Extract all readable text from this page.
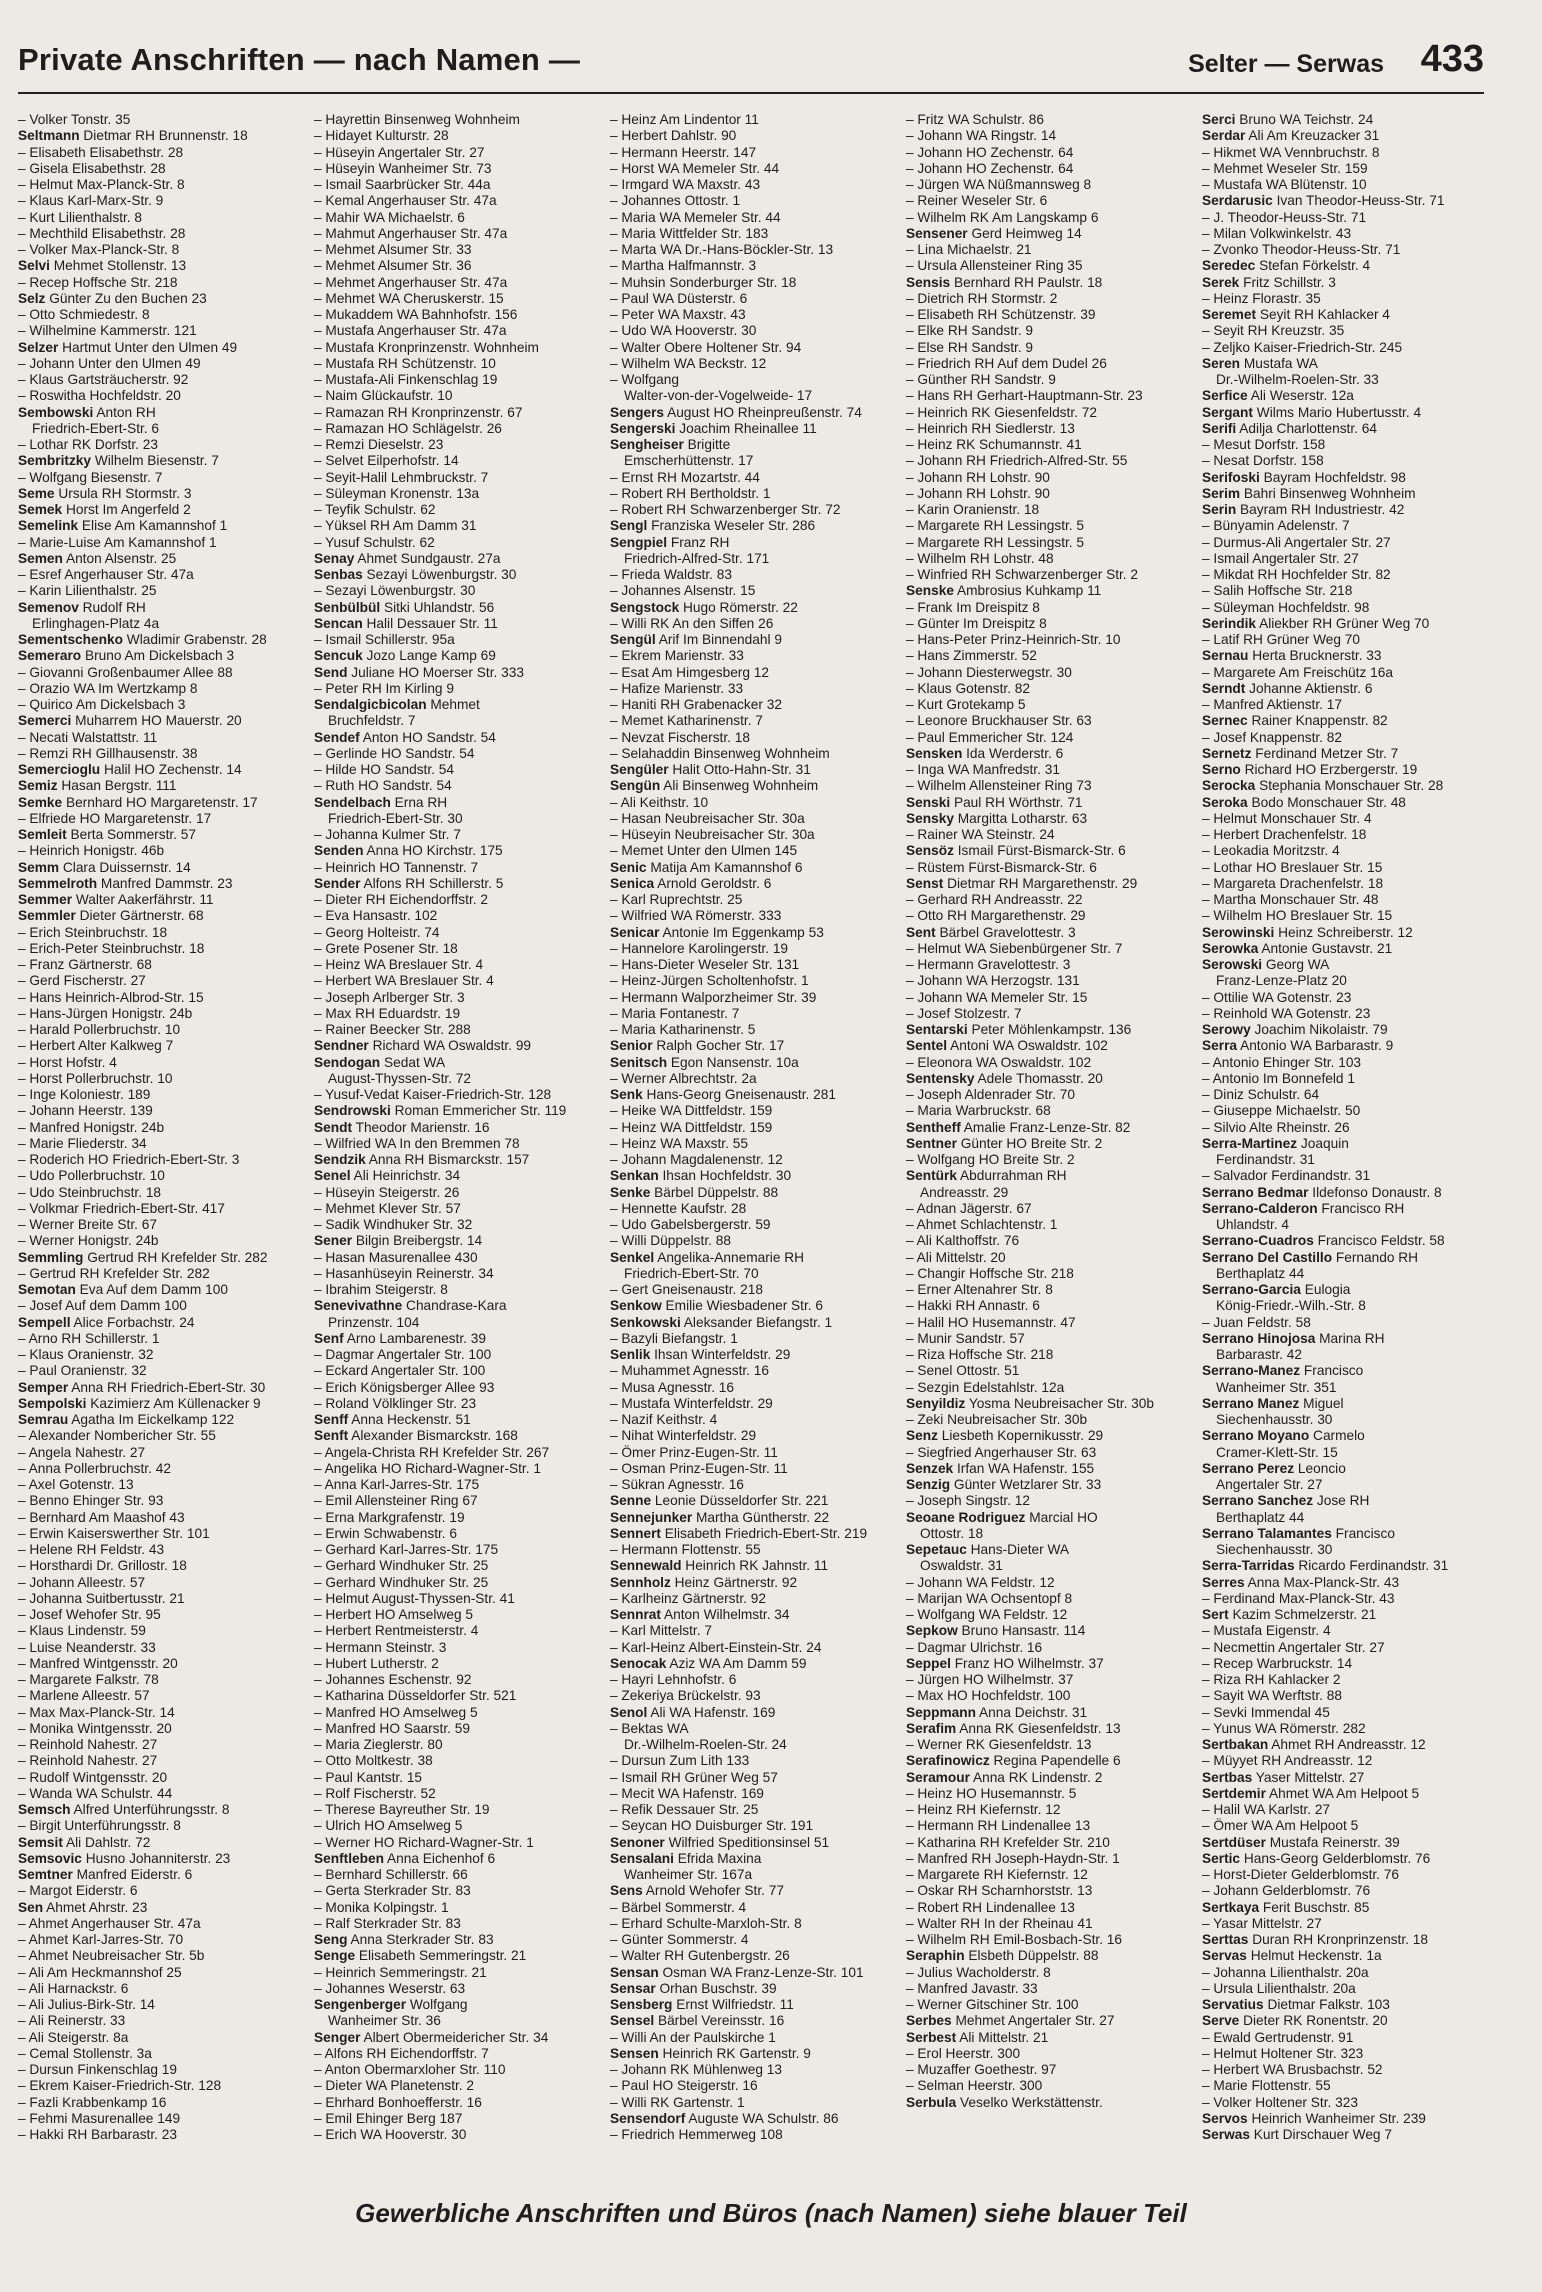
Private Anschriften — nach Namen —	Selter — Serwas 433
– Volker Tonstr. 35
Seltmann Dietmar RH Brunnenstr. 18
– Elisabeth Elisabethstr. 28
– Gisela Elisabethstr. 28
– Helmut Max-Planck-Str. 8
– Klaus Karl-Marx-Str. 9
– Kurt Lilienthalstr. 8
– Mechthild Elisabethstr. 28
– Volker Max-Planck-Str. 8
Selvi Mehmet Stollenstr. 13
– Recep Hoffsche Str. 218
Selz Günter Zu den Buchen 23
– Otto Schmiedestr. 8
– Wilhelmine Kammerstr. 121
Selzer Hartmut Unter den Ulmen 49
– Johann Unter den Ulmen 49
– Klaus Gartsträucherstr. 92
– Roswitha Hochfeldstr. 20
Sembowski Anton RH
Friedrich-Ebert-Str. 6
– Lothar RK Dorfstr. 23
Sembritzky Wilhelm Biesenstr. 7
– Wolfgang Biesenstr. 7
Seme Ursula RH Stormstr. 3
Semek Horst Im Angerfeld 2
Semelink Elise Am Kamannshof 1
– Marie-Luise Am Kamannshof 1
Semen Anton Alsenstr. 25
– Esref Angerhauser Str. 47a
– Karin Lilienthalstr. 25
Semenov Rudolf RH
Erlinghagen-Platz 4a
Sementschenko Wladimir Grabenstr. 28
Semeraro Bruno Am Dickelsbach 3
– Giovanni Großenbaumer Allee 88
– Orazio WA Im Wertzkamp 8
– Quirico Am Dickelsbach 3
Semerci Muharrem HO Mauerstr. 20
– Necati Walstattstr. 11
– Remzi RH Gillhausenstr. 38
Semercioglu Halil HO Zechenstr. 14
Semiz Hasan Bergstr. 111
Semke Bernhard HO Margaretenstr. 17
– Elfriede HO Margaretenstr. 17
Semleit Berta Sommerstr. 57
– Heinrich Honigstr. 46b
Semm Clara Duissernstr. 14
Semmelroth Manfred Dammstr. 23
Semmer Walter Aakerfährstr. 11
Semmler Dieter Gärtnerstr. 68
– Erich Steinbruchstr. 18
– Erich-Peter Steinbruchstr. 18
– Franz Gärtnerstr. 68
– Gerd Fischerstr. 27
– Hans Heinrich-Albrod-Str. 15
– Hans-Jürgen Honigstr. 24b
– Harald Pollerbruchstr. 10
– Herbert Alter Kalkweg 7
– Horst Hofstr. 4
– Horst Pollerbruchstr. 10
– Inge Koloniestr. 189
– Johann Heerstr. 139
– Manfred Honigstr. 24b
– Marie Fliederstr. 34
– Roderich HO Friedrich-Ebert-Str. 3
– Udo Pollerbruchstr. 10
– Udo Steinbruchstr. 18
– Volkmar Friedrich-Ebert-Str. 417
– Werner Breite Str. 67
– Werner Honigstr. 24b
Semmling Gertrud RH Krefelder Str. 282
– Gertrud RH Krefelder Str. 282
Semotan Eva Auf dem Damm 100
– Josef Auf dem Damm 100
Sempell Alice Forbachstr. 24
– Arno RH Schillerstr. 1
– Klaus Oranienstr. 32
– Paul Oranienstr. 32
Semper Anna RH Friedrich-Ebert-Str. 30
Sempolski Kazimierz Am Küllenacker 9
Semrau Agatha Im Eickelkamp 122
– Alexander Nombericher Str. 55
– Angela Nahestr. 27
– Anna Pollerbruchstr. 42
– Axel Gotenstr. 13
– Benno Ehinger Str. 93
– Bernhard Am Maashof 43
– Erwin Kaiserswerther Str. 101
– Helene RH Feldstr. 43
– Horsthardi Dr. Grillostr. 18
– Johann Alleestr. 57
– Johanna Suitbertusstr. 21
– Josef Wehofer Str. 95
– Klaus Lindenstr. 59
– Luise Neanderstr. 33
– Manfred Wintgensstr. 20
– Margarete Falkstr. 78
– Marlene Alleestr. 57
– Max Max-Planck-Str. 14
– Monika Wintgensstr. 20
– Reinhold Nahestr. 27
– Reinhold Nahestr. 27
– Rudolf Wintgensstr. 20
– Wanda WA Schulstr. 44
Semsch Alfred Unterführungsstr. 8
– Birgit Unterführungsstr. 8
Semsit Ali Dahlstr. 72
Semsovic Husno Johanniterstr. 23
Semtner Manfred Eiderstr. 6
– Margot Eiderstr. 6
Sen Ahmet Ahrstr. 23
– Ahmet Angerhauser Str. 47a
– Ahmet Karl-Jarres-Str. 70
– Ahmet Neubreisacher Str. 5b
– Ali Am Heckmannshof 25
– Ali Harnackstr. 6
– Ali Julius-Birk-Str. 14
– Ali Reinerstr. 33
– Ali Steigerstr. 8a
– Cemal Stollenstr. 3a
– Dursun Finkenschlag 19
– Ekrem Kaiser-Friedrich-Str. 128
– Fazli Krabbenkamp 16
– Fehmi Masurenallee 149
– Hakki RH Barbarastr. 23
– Hayrettin Binsenweg Wohnheim
– Hidayet Kulturstr. 28
– Hüseyin Angertaler Str. 27
– Hüseyin Wanheimer Str. 73
– Ismail Saarbrücker Str. 44a
– Kemal Angerhauser Str. 47a
– Mahir WA Michaelstr. 6
– Mahmut Angerhauser Str. 47a
– Mehmet Alsumer Str. 33
– Mehmet Alsumer Str. 36
– Mehmet Angerhauser Str. 47a
– Mehmet WA Cheruskerstr. 15
– Mukaddem WA Bahnhofstr. 156
– Mustafa Angerhauser Str. 47a
– Mustafa Kronprinzenstr. Wohnheim
– Mustafa RH Schützenstr. 10
– Mustafa-Ali Finkenschlag 19
– Naim Glückaufstr. 10
– Ramazan RH Kronprinzenstr. 67
– Ramazan HO Schlägelstr. 26
– Remzi Dieselstr. 23
– Selvet Eilperhofstr. 14
– Seyit-Halil Lehmbruckstr. 7
– Süleyman Kronenstr. 13a
– Teyfik Schulstr. 62
– Yüksel RH Am Damm 31
– Yusuf Schulstr. 62
Senay Ahmet Sundgaustr. 27a
Senbas Sezayi Löwenburgstr. 30
– Sezayi Löwenburgstr. 30
Senbülbül Sitki Uhlandstr. 56
Sencan Halil Dessauer Str. 11
– Ismail Schillerstr. 95a
Sencuk Jozo Lange Kamp 69
Send Juliane HO Moerser Str. 333
– Peter RH Im Kirling 9
Sendalgicbicolan Mehmet
Bruchfeldstr. 7
Sendef Anton HO Sandstr. 54
– Gerlinde HO Sandstr. 54
– Hilde HO Sandstr. 54
– Ruth HO Sandstr. 54
Sendelbach Erna RH
Friedrich-Ebert-Str. 30
– Johanna Kulmer Str. 7
Senden Anna HO Kirchstr. 175
– Heinrich HO Tannenstr. 7
Sender Alfons RH Schillerstr. 5
– Dieter RH Eichendorffstr. 2
– Eva Hansastr. 102
– Georg Holteistr. 74
– Grete Posener Str. 18
– Heinz WA Breslauer Str. 4
– Herbert WA Breslauer Str. 4
– Joseph Arlberger Str. 3
– Max RH Eduardstr. 19
– Rainer Beecker Str. 288
Sendner Richard WA Oswaldstr. 99
Sendogan Sedat WA
August-Thyssen-Str. 72
– Yusuf-Vedat Kaiser-Friedrich-Str. 128
Sendrowski Roman Emmericher Str. 119
Sendt Theodor Marienstr. 16
– Wilfried WA In den Bremmen 78
Sendzik Anna RH Bismarckstr. 157
Senel Ali Heinrichstr. 34
– Hüseyin Steigerstr. 26
– Mehmet Klever Str. 57
– Sadik Windhuker Str. 32
Sener Bilgin Breibergstr. 14
– Hasan Masurenallee 430
– Hasanhüseyin Reinerstr. 34
– Ibrahim Steigerstr. 8
Senevivathne Chandrase-Kara
Prinzenstr. 104
Senf Arno Lambarenestr. 39
– Dagmar Angertaler Str. 100
– Eckard Angertaler Str. 100
– Erich Königsberger Allee 93
– Roland Völklinger Str. 23
Senff Anna Heckenstr. 51
Senft Alexander Bismarckstr. 168
– Angela-Christa RH Krefelder Str. 267
– Angelika HO Richard-Wagner-Str. 1
– Anna Karl-Jarres-Str. 175
– Emil Allensteiner Ring 67
– Erna Markgrafenstr. 19
– Erwin Schwabenstr. 6
– Gerhard Karl-Jarres-Str. 175
– Gerhard Windhuker Str. 25
– Gerhard Windhuker Str. 25
– Helmut August-Thyssen-Str. 41
– Herbert HO Amselweg 5
– Herbert Rentmeisterstr. 4
– Hermann Steinstr. 3
– Hubert Lutherstr. 2
– Johannes Eschenstr. 92
– Katharina Düsseldorfer Str. 521
– Manfred HO Amselweg 5
– Manfred HO Saarstr. 59
– Maria Zieglerstr. 80
– Otto Moltkestr. 38
– Paul Kantstr. 15
– Rolf Fischerstr. 52
– Therese Bayreuther Str. 19
– Ulrich HO Amselweg 5
– Werner HO Richard-Wagner-Str. 1
Senftleben Anna Eichenhof 6
– Bernhard Schillerstr. 66
– Gerta Sterkrader Str. 83
– Monika Kolpingstr. 1
– Ralf Sterkrader Str. 83
Seng Anna Sterkrader Str. 83
Senge Elisabeth Semmeringstr. 21
– Heinrich Semmeringstr. 21
– Johannes Weserstr. 63
Sengenberger Wolfgang
Wanheimer Str. 36
Senger Albert Obermeidericher Str. 34
– Alfons RH Eichendorffstr. 7
– Anton Obermarxloher Str. 110
– Dieter WA Planetenstr. 2
– Ehrhard Bonhoefferstr. 16
– Emil Ehinger Berg 187
– Erich WA Hooverstr. 30
– Heinz Am Lindentor 11
– Herbert Dahlstr. 90
– Hermann Heerstr. 147
– Horst WA Memeler Str. 44
– Irmgard WA Maxstr. 43
– Johannes Ottostr. 1
– Maria WA Memeler Str. 44
– Maria Wittfelder Str. 183
– Marta WA Dr.-Hans-Böckler-Str. 13
– Martha Halfmannstr. 3
– Muhsin Sonderburger Str. 18
– Paul WA Düsterstr. 6
– Peter WA Maxstr. 43
– Udo WA Hooverstr. 30
– Walter Obere Holtener Str. 94
– Wilhelm WA Beckstr. 12
– Wolfgang
Walter-von-der-Vogelweide- 17
Sengers August HO Rheinpreußenstr. 74
Sengerski Joachim Rheinallee 11
Sengheiser Brigitte
Emscherhüttenstr. 17
– Ernst RH Mozartstr. 44
– Robert RH Bertholdstr. 1
– Robert RH Schwarzenberger Str. 72
Sengl Franziska Weseler Str. 286
Sengpiel Franz RH
Friedrich-Alfred-Str. 171
– Frieda Waldstr. 83
– Johannes Alsenstr. 15
Sengstock Hugo Römerstr. 22
– Willi RK An den Siffen 26
Sengül Arif Im Binnendahl 9
– Ekrem Marienstr. 33
– Esat Am Himgesberg 12
– Hafize Marienstr. 33
– Haniti RH Grabenacker 32
– Memet Katharinenstr. 7
– Nevzat Fischerstr. 18
– Selahaddin Binsenweg Wohnheim
Sengüler Halit Otto-Hahn-Str. 31
Sengün Ali Binsenweg Wohnheim
– Ali Keithstr. 10
– Hasan Neubreisacher Str. 30a
– Hüseyin Neubreisacher Str. 30a
– Memet Unter den Ulmen 145
Senic Matija Am Kamannshof 6
Senica Arnold Geroldstr. 6
– Karl Ruprechtstr. 25
– Wilfried WA Römerstr. 333
Senicar Antonie Im Eggenkamp 53
– Hannelore Karolingerstr. 19
– Hans-Dieter Weseler Str. 131
– Heinz-Jürgen Scholtenhofstr. 1
– Hermann Walporzheimer Str. 39
– Maria Fontanestr. 7
– Maria Katharinenstr. 5
Senior Ralph Gocher Str. 17
Senitsch Egon Nansenstr. 10a
– Werner Albrechtstr. 2a
Senk Hans-Georg Gneisenaustr. 281
– Heike WA Dittfeldstr. 159
– Heinz WA Dittfeldstr. 159
– Heinz WA Maxstr. 55
– Johann Magdalenenstr. 12
Senkan Ihsan Hochfeldstr. 30
Senke Bärbel Düppelstr. 88
– Hennette Kaufstr. 28
– Udo Gabelsbergerstr. 59
– Willi Düppelstr. 88
Senkel Angelika-Annemarie RH
Friedrich-Ebert-Str. 70
– Gert Gneisenaustr. 218
Senkow Emilie Wiesbadener Str. 6
Senkowski Aleksander Biefangstr. 1
– Bazyli Biefangstr. 1
Senlik Ihsan Winterfeldstr. 29
– Muhammet Agnesstr. 16
– Musa Agnesstr. 16
– Mustafa Winterfeldstr. 29
– Nazif Keithstr. 4
– Nihat Winterfeldstr. 29
– Ömer Prinz-Eugen-Str. 11
– Osman Prinz-Eugen-Str. 11
– Sükran Agnesstr. 16
Senne Leonie Düsseldorfer Str. 221
Sennejunker Martha Güntherstr. 22
Sennert Elisabeth Friedrich-Ebert-Str. 219
– Hermann Flottenstr. 55
Sennewald Heinrich RK Jahnstr. 11
Sennholz Heinz Gärtnerstr. 92
– Karlheinz Gärtnerstr. 92
Sennrat Anton Wilhelmstr. 34
– Karl Mittelstr. 7
– Karl-Heinz Albert-Einstein-Str. 24
Senocak Aziz WA Am Damm 59
– Hayri Lehnhofstr. 6
– Zekeriya Brückelstr. 93
Senol Ali WA Hafenstr. 169
– Bektas WA
Dr.-Wilhelm-Roelen-Str. 24
– Dursun Zum Lith 133
– Ismail RH Grüner Weg 57
– Mecit WA Hafenstr. 169
– Refik Dessauer Str. 25
– Seycan HO Duisburger Str. 191
Senoner Wilfried Speditionsinsel 51
Sensalani Efrida Maxina
Wanheimer Str. 167a
Sens Arnold Wehofer Str. 77
– Bärbel Sommerstr. 4
– Erhard Schulte-Marxloh-Str. 8
– Günter Sommerstr. 4
– Walter RH Gutenbergstr. 26
Sensan Osman WA Franz-Lenze-Str. 101
Sensar Orhan Buschstr. 39
Sensberg Ernst Wilfriedstr. 11
Sensel Bärbel Vereinsstr. 16
– Willi An der Paulskirche 1
Sensen Heinrich RK Gartenstr. 9
– Johann RK Mühlenweg 13
– Paul HO Steigerstr. 16
– Willi RK Gartenstr. 1
Sensendorf Auguste WA Schulstr. 86
– Friedrich Hemmerweg 108
– Fritz WA Schulstr. 86
– Johann WA Ringstr. 14
– Johann HO Zechenstr. 64
– Johann HO Zechenstr. 64
– Jürgen WA Nüßmannsweg 8
– Reiner Weseler Str. 6
– Wilhelm RK Am Langskamp 6
Sensener Gerd Heimweg 14
– Lina Michaelstr. 21
– Ursula Allensteiner Ring 35
Sensis Bernhard RH Paulstr. 18
– Dietrich RH Stormstr. 2
– Elisabeth RH Schützenstr. 39
– Elke RH Sandstr. 9
– Else RH Sandstr. 9
– Friedrich RH Auf dem Dudel 26
– Günther RH Sandstr. 9
– Hans RH Gerhart-Hauptmann-Str. 23
– Heinrich RK Giesenfeldstr. 72
– Heinrich RH Siedlerstr. 13
– Heinz RK Schumannstr. 41
– Johann RH Friedrich-Alfred-Str. 55
– Johann RH Lohstr. 90
– Johann RH Lohstr. 90
– Karin Oranienstr. 18
– Margarete RH Lessingstr. 5
– Margarete RH Lessingstr. 5
– Wilhelm RH Lohstr. 48
– Winfried RH Schwarzenberger Str. 2
Senske Ambrosius Kuhkamp 11
– Frank Im Dreispitz 8
– Günter Im Dreispitz 8
– Hans-Peter Prinz-Heinrich-Str. 10
– Hans Zimmerstr. 52
– Johann Diesterwegstr. 30
– Klaus Gotenstr. 82
– Kurt Grotekamp 5
– Leonore Bruckhauser Str. 63
– Paul Emmericher Str. 124
Sensken Ida Werderstr. 6
– Inga WA Manfredstr. 31
– Wilhelm Allensteiner Ring 73
Senski Paul RH Wörthstr. 71
Sensky Margitta Lotharstr. 63
– Rainer WA Steinstr. 24
Sensöz Ismail Fürst-Bismarck-Str. 6
– Rüstem Fürst-Bismarck-Str. 6
Senst Dietmar RH Margarethenstr. 29
– Gerhard RH Andreasstr. 22
– Otto RH Margarethenstr. 29
Sent Bärbel Gravelottestr. 3
– Helmut WA Siebenbürgener Str. 7
– Hermann Gravelottestr. 3
– Johann WA Herzogstr. 131
– Johann WA Memeler Str. 15
– Josef Stolzestr. 7
Sentarski Peter Möhlenkampstr. 136
Sentel Antoni WA Oswaldstr. 102
– Eleonora WA Oswaldstr. 102
Sentensky Adele Thomasstr. 20
– Joseph Aldenrader Str. 70
– Maria Warbruckstr. 68
Sentheff Amalie Franz-Lenze-Str. 82
Sentner Günter HO Breite Str. 2
– Wolfgang HO Breite Str. 2
Sentürk Abdurrahman RH
Andreasstr. 29
– Adnan Jägerstr. 67
– Ahmet Schlachtenstr. 1
– Ali Kalthoffstr. 76
– Ali Mittelstr. 20
– Changir Hoffsche Str. 218
– Erner Altenahrer Str. 8
– Hakki RH Annastr. 6
– Halil HO Husemannstr. 47
– Munir Sandstr. 57
– Riza Hoffsche Str. 218
– Senel Ottostr. 51
– Sezgin Edelstahlstr. 12a
Senyildiz Yosma Neubreisacher Str. 30b
– Zeki Neubreisacher Str. 30b
Senz Liesbeth Kopernikusstr. 29
– Siegfried Angerhauser Str. 63
Senzek Irfan WA Hafenstr. 155
Senzig Günter Wetzlarer Str. 33
– Joseph Singstr. 12
Seoane Rodriguez Marcial HO
Ottostr. 18
Sepetauc Hans-Dieter WA
Oswaldstr. 31
– Johann WA Feldstr. 12
– Marijan WA Ochsentopf 8
– Wolfgang WA Feldstr. 12
Sepkow Bruno Hansastr. 114
– Dagmar Ulrichstr. 16
Seppel Franz HO Wilhelmstr. 37
– Jürgen HO Wilhelmstr. 37
– Max HO Hochfeldstr. 100
Seppmann Anna Deichstr. 31
Serafim Anna RK Giesenfeldstr. 13
– Werner RK Giesenfeldstr. 13
Serafinowicz Regina Papendelle 6
Seramour Anna RK Lindenstr. 2
– Heinz HO Husemannstr. 5
– Heinz RH Kiefernstr. 12
– Hermann RH Lindenallee 13
– Katharina RH Krefelder Str. 210
– Manfred RH Joseph-Haydn-Str. 1
– Margarete RH Kiefernstr. 12
– Oskar RH Scharnhorststr. 13
– Robert RH Lindenallee 13
– Walter RH In der Rheinau 41
– Wilhelm RH Emil-Bosbach-Str. 16
Seraphin Elsbeth Düppelstr. 88
– Julius Wacholderstr. 8
– Manfred Javastr. 33
– Werner Gitschiner Str. 100
Serbes Mehmet Angertaler Str. 27
Serbest Ali Mittelstr. 21
– Erol Heerstr. 300
– Muzaffer Goethestr. 97
– Selman Heerstr. 300
Serbula Veselko Werkstättenstr.
Serci Bruno WA Teichstr. 24
Serdar Ali Am Kreuzacker 31
– Hikmet WA Vennbruchstr. 8
– Mehmet Weseler Str. 159
– Mustafa WA Blütenstr. 10
Serdarusic Ivan Theodor-Heuss-Str. 71
– J. Theodor-Heuss-Str. 71
– Milan Volkwinkelstr. 43
– Zvonko Theodor-Heuss-Str. 71
Seredec Stefan Förkelstr. 4
Serek Fritz Schillstr. 3
– Heinz Florastr. 35
Seremet Seyit RH Kahlacker 4
– Seyit RH Kreuzstr. 35
– Zeljko Kaiser-Friedrich-Str. 245
Seren Mustafa WA
Dr.-Wilhelm-Roelen-Str. 33
Serfice Ali Weserstr. 12a
Sergant Wilms Mario Hubertusstr. 4
Serifi Adilja Charlottenstr. 64
– Mesut Dorfstr. 158
– Nesat Dorfstr. 158
Serifoski Bayram Hochfeldstr. 98
Serim Bahri Binsenweg Wohnheim
Serin Bayram RH Industriestr. 42
– Bünyamin Adelenstr. 7
– Durmus-Ali Angertaler Str. 27
– Ismail Angertaler Str. 27
– Mikdat RH Hochfelder Str. 82
– Salih Hoffsche Str. 218
– Süleyman Hochfeldstr. 98
Serindik Aliekber RH Grüner Weg 70
– Latif RH Grüner Weg 70
Sernau Herta Brucknerstr. 33
– Margarete Am Freischütz 16a
Serndt Johanne Aktienstr. 6
– Manfred Aktienstr. 17
Sernec Rainer Knappenstr. 82
– Josef Knappenstr. 82
Sernetz Ferdinand Metzer Str. 7
Serno Richard HO Erzbergerstr. 19
Serocka Stephania Monschauer Str. 28
Seroka Bodo Monschauer Str. 48
– Helmut Monschauer Str. 4
– Herbert Drachenfelstr. 18
– Leokadia Moritzstr. 4
– Lothar HO Breslauer Str. 15
– Margareta Drachenfelstr. 18
– Martha Monschauer Str. 48
– Wilhelm HO Breslauer Str. 15
Serowinski Heinz Schreiberstr. 12
Serowka Antonie Gustavstr. 21
Serowski Georg WA
Franz-Lenze-Platz 20
– Ottilie WA Gotenstr. 23
– Reinhold WA Gotenstr. 23
Serowy Joachim Nikolaistr. 79
Serra Antonio WA Barbarastr. 9
– Antonio Ehinger Str. 103
– Antonio Im Bonnefeld 1
– Diniz Schulstr. 64
– Giuseppe Michaelstr. 50
– Silvio Alte Rheinstr. 26
Serra-Martinez Joaquin
Ferdinandstr. 31
– Salvador Ferdinandstr. 31
Serrano Bedmar Ildefonso Donaustr. 8
Serrano-Calderon Francisco RH
Uhlandstr. 4
Serrano-Cuadros Francisco Feldstr. 58
Serrano Del Castillo Fernando RH
Berthaplatz 44
Serrano-Garcia Eulogia
König-Friedr.-Wilh.-Str. 8
– Juan Feldstr. 58
Serrano Hinojosa Marina RH
Barbarastr. 42
Serrano-Manez Francisco
Wanheimer Str. 351
Serrano Manez Miguel
Siechenhausstr. 30
Serrano Moyano Carmelo
Cramer-Klett-Str. 15
Serrano Perez Leoncio
Angertaler Str. 27
Serrano Sanchez Jose RH
Berthaplatz 44
Serrano Talamantes Francisco
Siechenhausstr. 30
Serra-Tarridas Ricardo Ferdinandstr. 31
Serres Anna Max-Planck-Str. 43
– Ferdinand Max-Planck-Str. 43
Sert Kazim Schmelzerstr. 21
– Mustafa Eigenstr. 4
– Necmettin Angertaler Str. 27
– Recep Warbruckstr. 14
– Riza RH Kahlacker 2
– Sayit WA Werftstr. 88
– Sevki Immendal 45
– Yunus WA Römerstr. 282
Sertbakan Ahmet RH Andreasstr. 12
– Müyyet RH Andreasstr. 12
Sertbas Yaser Mittelstr. 27
Sertdemir Ahmet WA Am Helpoot 5
– Halil WA Karlstr. 27
– Ömer WA Am Helpoot 5
Sertdüser Mustafa Reinerstr. 39
Sertic Hans-Georg Gelderblomstr. 76
– Horst-Dieter Gelderblomstr. 76
– Johann Gelderblomstr. 76
Sertkaya Ferit Buschstr. 85
– Yasar Mittelstr. 27
Serttas Duran RH Kronprinzenstr. 18
Servas Helmut Heckenstr. 1a
– Johanna Lilienthalstr. 20a
– Ursula Lilienthalstr. 20a
Servatius Dietmar Falkstr. 103
Serve Dieter RK Ronentstr. 20
– Ewald Gertrudenstr. 91
– Helmut Holtener Str. 323
– Herbert WA Brusbachstr. 52
– Marie Flottenstr. 55
– Volker Holtener Str. 323
Servos Heinrich Wanheimer Str. 239
Serwas Kurt Dirschauer Weg 7
Gewerbliche Anschriften und Büros (nach Namen) siehe blauer Teil
